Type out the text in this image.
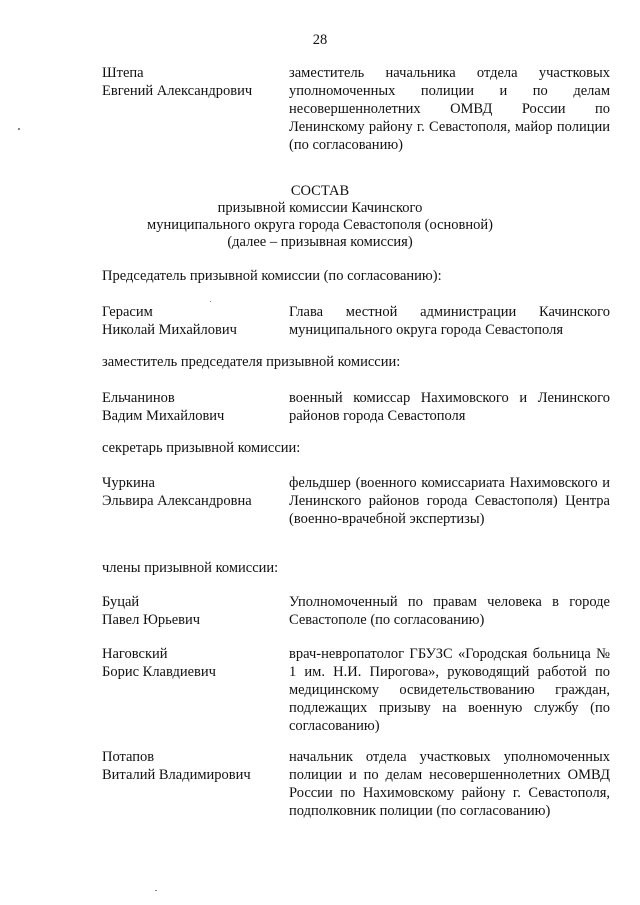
28
Штепа
Евгений Александрович
заместитель начальника отдела участковых уполномоченных полиции и по делам несовершеннолетних ОМВД России по Ленинскому району г. Севастополя, майор полиции (по согласованию)
СОСТАВ
призывной комиссии Качинского
муниципального округа города Севастополя (основной)
(далее – призывная комиссия)
Председатель призывной комиссии (по согласованию):
Герасим
Николай Михайлович
Глава местной администрации Качинского муниципального округа города Севастополя
заместитель председателя призывной комиссии:
Ельчанинов
Вадим Михайлович
военный комиссар Нахимовского и Ленинского районов города Севастополя
секретарь призывной комиссии:
Чуркина
Эльвира Александровна
фельдшер (военного комиссариата Нахимовского и Ленинского районов города Севастополя) Центра (военно-врачебной экспертизы)
члены призывной комиссии:
Буцай
Павел Юрьевич
Уполномоченный по правам человека в городе Севастополе (по согласованию)
Наговский
Борис Клавдиевич
врач-невропатолог ГБУЗС «Городская больница № 1 им. Н.И. Пирогова», руководящий работой по медицинскому освидетельствованию граждан, подлежащих призыву на военную службу (по согласованию)
Потапов
Виталий Владимирович
начальник отдела участковых уполномоченных полиции и по делам несовершеннолетних ОМВД России по Нахимовскому району г. Севастополя, подполковник полиции (по согласованию)
